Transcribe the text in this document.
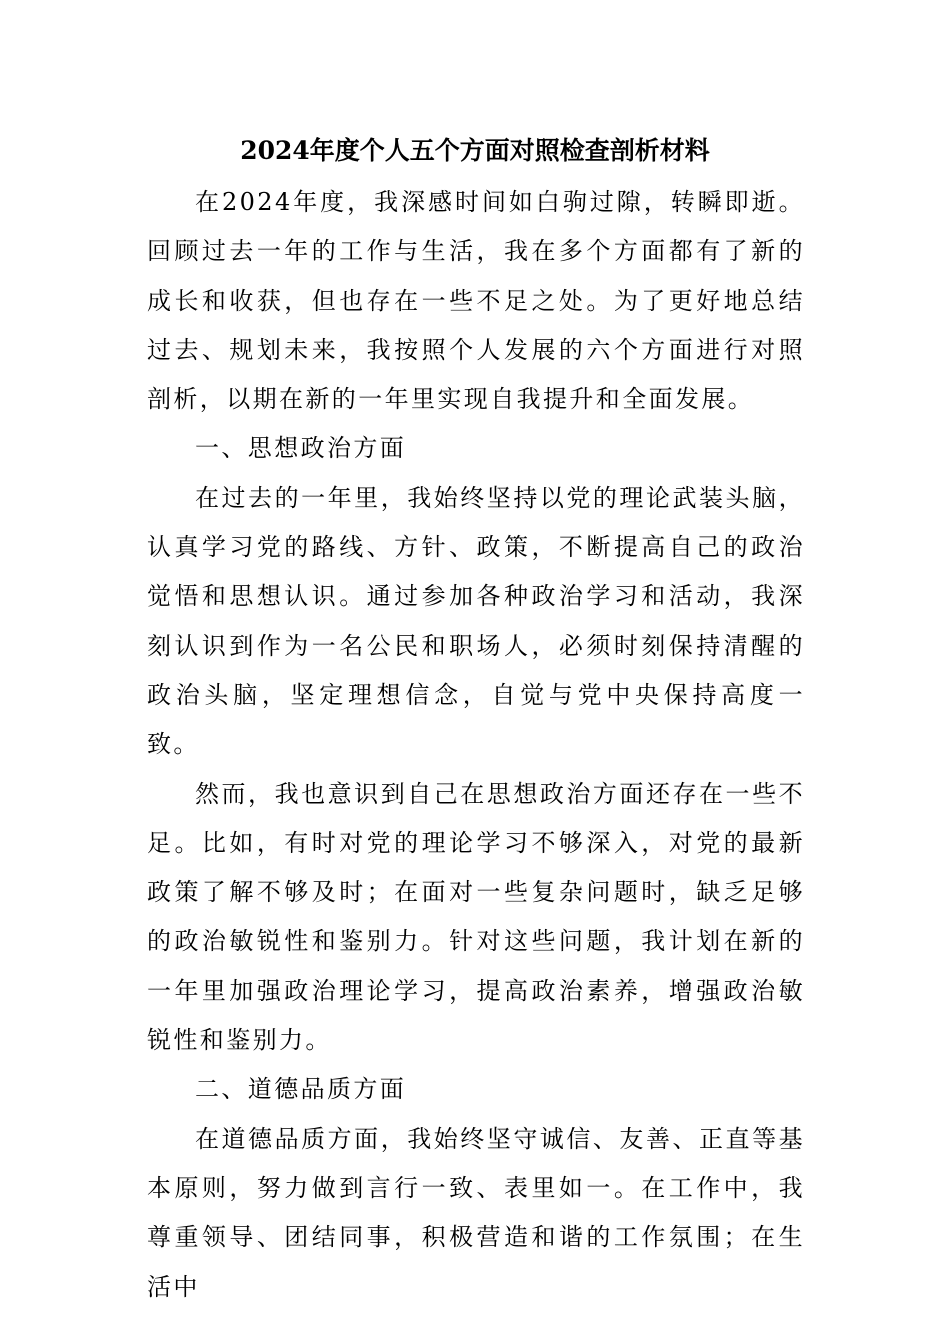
2024年度个人五个方面对照检查剖析材料

在2024年度，我深感时间如白驹过隙，转瞬即逝。回顾过去一年的工作与生活，我在多个方面都有了新的成长和收获，但也存在一些不足之处。为了更好地总结过去、规划未来，我按照个人发展的六个方面进行对照剖析，以期在新的一年里实现自我提升和全面发展。

一、思想政治方面

在过去的一年里，我始终坚持以党的理论武装头脑，认真学习党的路线、方针、政策，不断提高自己的政治觉悟和思想认识。通过参加各种政治学习和活动，我深刻认识到作为一名公民和职场人，必须时刻保持清醒的政治头脑，坚定理想信念，自觉与党中央保持高度一致。

然而，我也意识到自己在思想政治方面还存在一些不足。比如，有时对党的理论学习不够深入，对党的最新政策了解不够及时；在面对一些复杂问题时，缺乏足够的政治敏锐性和鉴别力。针对这些问题，我计划在新的一年里加强政治理论学习，提高政治素养，增强政治敏锐性和鉴别力。

二、道德品质方面

在道德品质方面，我始终坚守诚信、友善、正直等基本原则，努力做到言行一致、表里如一。在工作中，我尊重领导、团结同事，积极营造和谐的工作氛围；在生活中
